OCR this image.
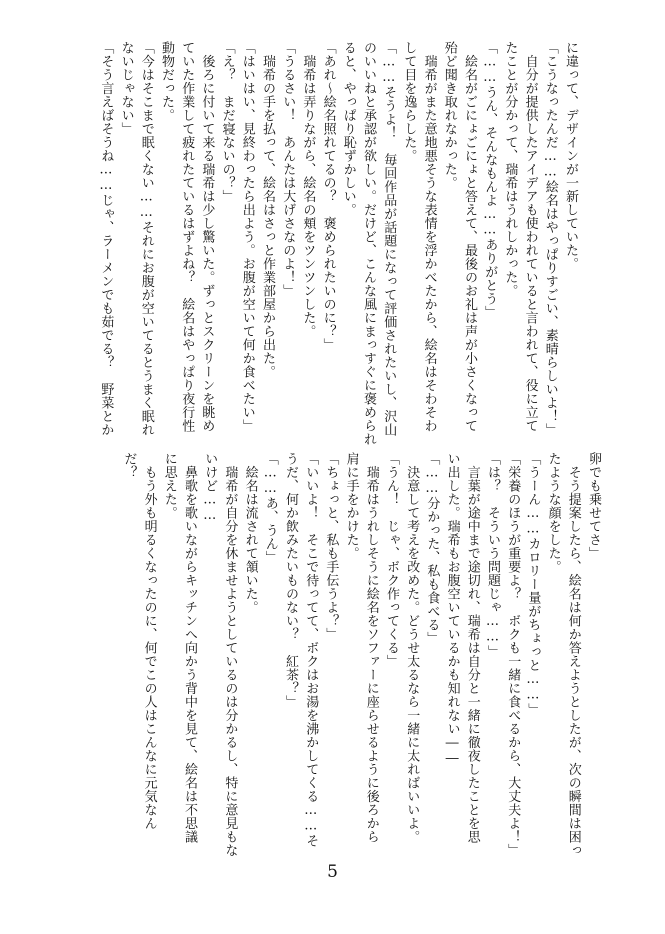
に違って、デザインが一新していた。
「こうなったんだ……絵名はやっぱりすごい、素晴らしいよ！」
　自分が提供したアイデアも使われていると言われて、役に立て
たことが分かって、瑞希はうれしかった。
「……うん、そんなもんよ……ありがとう」
　絵名がごにょごにょと答えて、最後のお礼は声が小さくなって
殆ど聞き取れなかった。
　瑞希がまた意地悪そうな表情を浮かべたから、絵名はそわそわ
して目を逸らした。
「……そうよ！　毎回作品が話題になって評価されたいし、沢山
のいいねと承認が欲しい。だけど、こんな風にまっすぐに褒められ
ると、やっぱり恥ずかしい。
「あれ～絵名照れてるの？　褒められたいのに？」
　瑞希は弄りながら、絵名の頬をツンツンした。
「うるさい！　あんたは大げさなのよ！」
　瑞希の手を払って、絵名はさっと作業部屋から出た。
「はいはい、見終わったら出よう。お腹が空いて何か食べたい」
「え？　まだ寝ないの？」
　後ろに付いて来る瑞希は少し驚いた。ずっとスクリーンを眺め
ていた作業して疲れたているはずよね？　絵名はやっぱり夜行性
動物だった。
「今はそこまで眠くない……それにお腹が空いてるとうまく眠れ
ないじゃない」
「そう言えばそうね……じゃ、ラーメンでも茹でる？　野菜とか
卵でも乗せてさ」
　そう提案したら、絵名は何か答えようとしたが、次の瞬間は困っ
たような顔をした。
「うーん……カロリー量がちょっと……」
「栄養のほうが重要よ？　ボクも一緒に食べるから、大丈夫よ！」
「は？　そういう問題じゃ……」
　言葉が途中まで途切れ、瑞希は自分と一緒に徹夜したことを思
い出した。瑞希もお腹空いているかも知れない――
「……分かった、私も食べる」
　決意して考えを改めた。どうせ太るなら一緒に太ればいいよ。
「うん！　じゃ、ボク作ってくる」
　瑞希はうれしそうに絵名をソファーに座らせるように後ろから
肩に手をかけた。
「ちょっと、私も手伝うよ？」
「いいよ！　そこで待ってて、ボクはお湯を沸かしてくる……そ
うだ、何か飲みたいものない？　紅茶？」
「……あ、うん」
　絵名は流されて頷いた。
　瑞希が自分を休ませようとしているのは分かるし、特に意見もな
いけど……
　鼻歌を歌いながらキッチンへ向かう背中を見て、絵名は不思議
に思えた。
　もう外も明るくなったのに、何でこの人はこんなに元気なん
だ？
5
